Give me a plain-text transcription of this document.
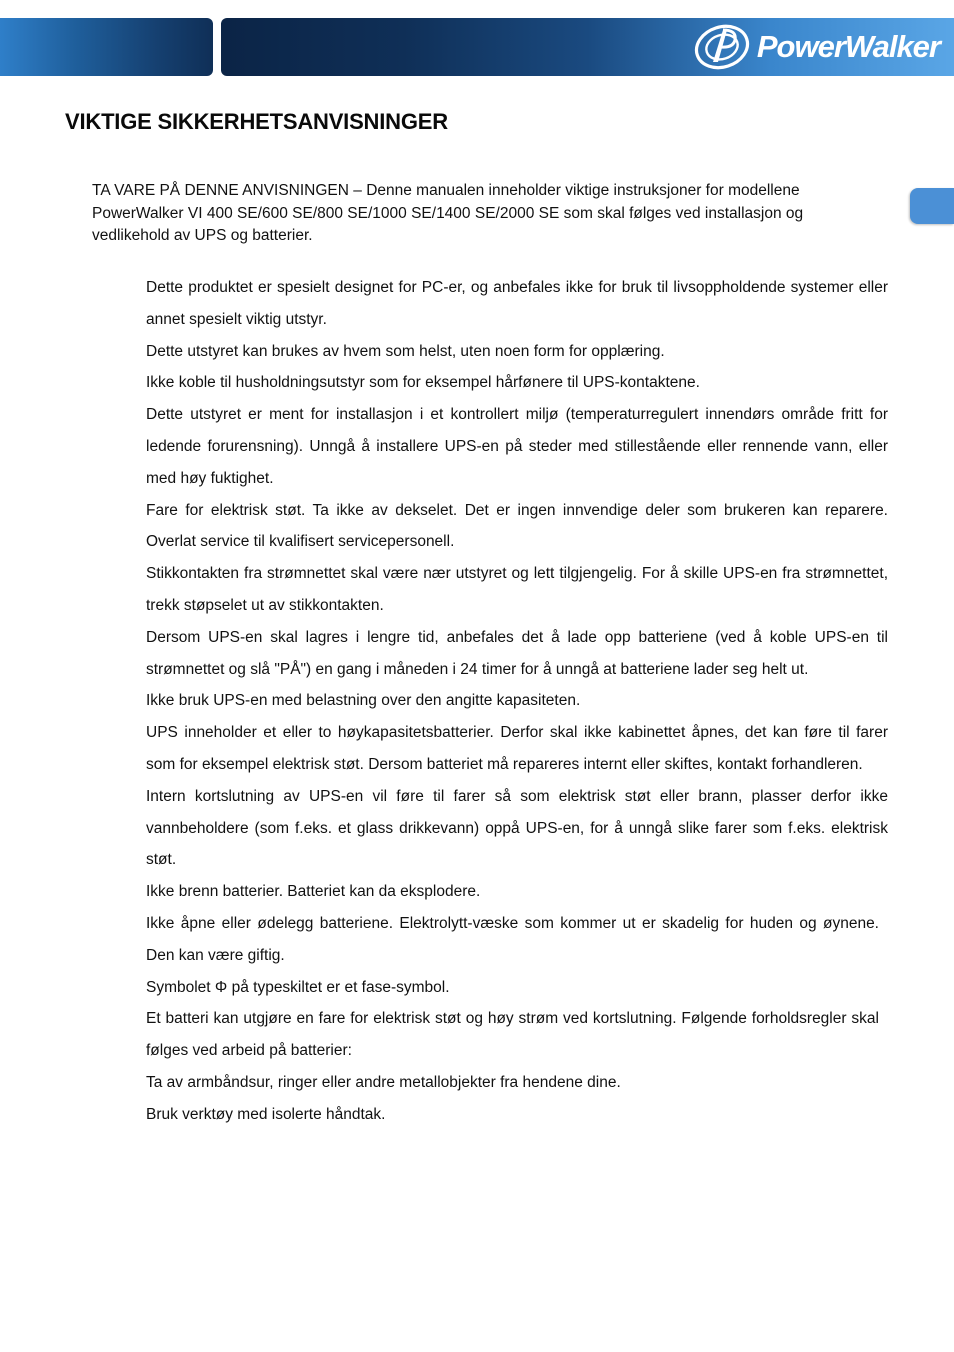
PowerWalker
VIKTIGE SIKKERHETSANVISNINGER

TA VARE PÅ DENNE ANVISNINGEN – Denne manualen inneholder viktige instruksjoner for modellene PowerWalker VI 400 SE/600 SE/800 SE/1000 SE/1400 SE/2000 SE som skal følges ved installasjon og vedlikehold av UPS og batterier.

Dette produktet er spesielt designet for PC-er, og anbefales ikke for bruk til livsoppholdende systemer eller annet spesielt viktig utstyr.
Dette utstyret kan brukes av hvem som helst, uten noen form for opplæring.
Ikke koble til husholdningsutstyr som for eksempel hårfønere til UPS-kontaktene.
Dette utstyret er ment for installasjon i et kontrollert miljø (temperaturregulert innendørs område fritt for ledende forurensning). Unngå å installere UPS-en på steder med stillestående eller rennende vann, eller med høy fuktighet.
Fare for elektrisk støt. Ta ikke av dekselet. Det er ingen innvendige deler som brukeren kan reparere. Overlat service til kvalifisert servicepersonell.
Stikkontakten fra strømnettet skal være nær utstyret og lett tilgjengelig. For å skille UPS-en fra strømnettet, trekk støpselet ut av stikkontakten.
Dersom UPS-en skal lagres i lengre tid, anbefales det å lade opp batteriene (ved å koble UPS-en til strømnettet og slå "PÅ") en gang i måneden i 24 timer for å unngå at batteriene lader seg helt ut.
Ikke bruk UPS-en med belastning over den angitte kapasiteten.
UPS inneholder et eller to høykapasitetsbatterier. Derfor skal ikke kabinettet åpnes, det kan føre til farer som for eksempel elektrisk støt. Dersom batteriet må repareres internt eller skiftes, kontakt forhandleren.
Intern kortslutning av UPS-en vil føre til farer så som elektrisk støt eller brann, plasser derfor ikke vannbeholdere (som f.eks. et glass drikkevann) oppå UPS-en, for å unngå slike farer som f.eks. elektrisk støt.
Ikke brenn batterier. Batteriet kan da eksplodere.
Ikke åpne eller ødelegg batteriene. Elektrolytt-væske som kommer ut er skadelig for huden og øynene. Den kan være giftig.
Symbolet Φ på typeskiltet er et fase-symbol.
Et batteri kan utgjøre en fare for elektrisk støt og høy strøm ved kortslutning. Følgende forholdsregler skal følges ved arbeid på batterier:
Ta av armbåndsur, ringer eller andre metallobjekter fra hendene dine.
Bruk verktøy med isolerte håndtak.
